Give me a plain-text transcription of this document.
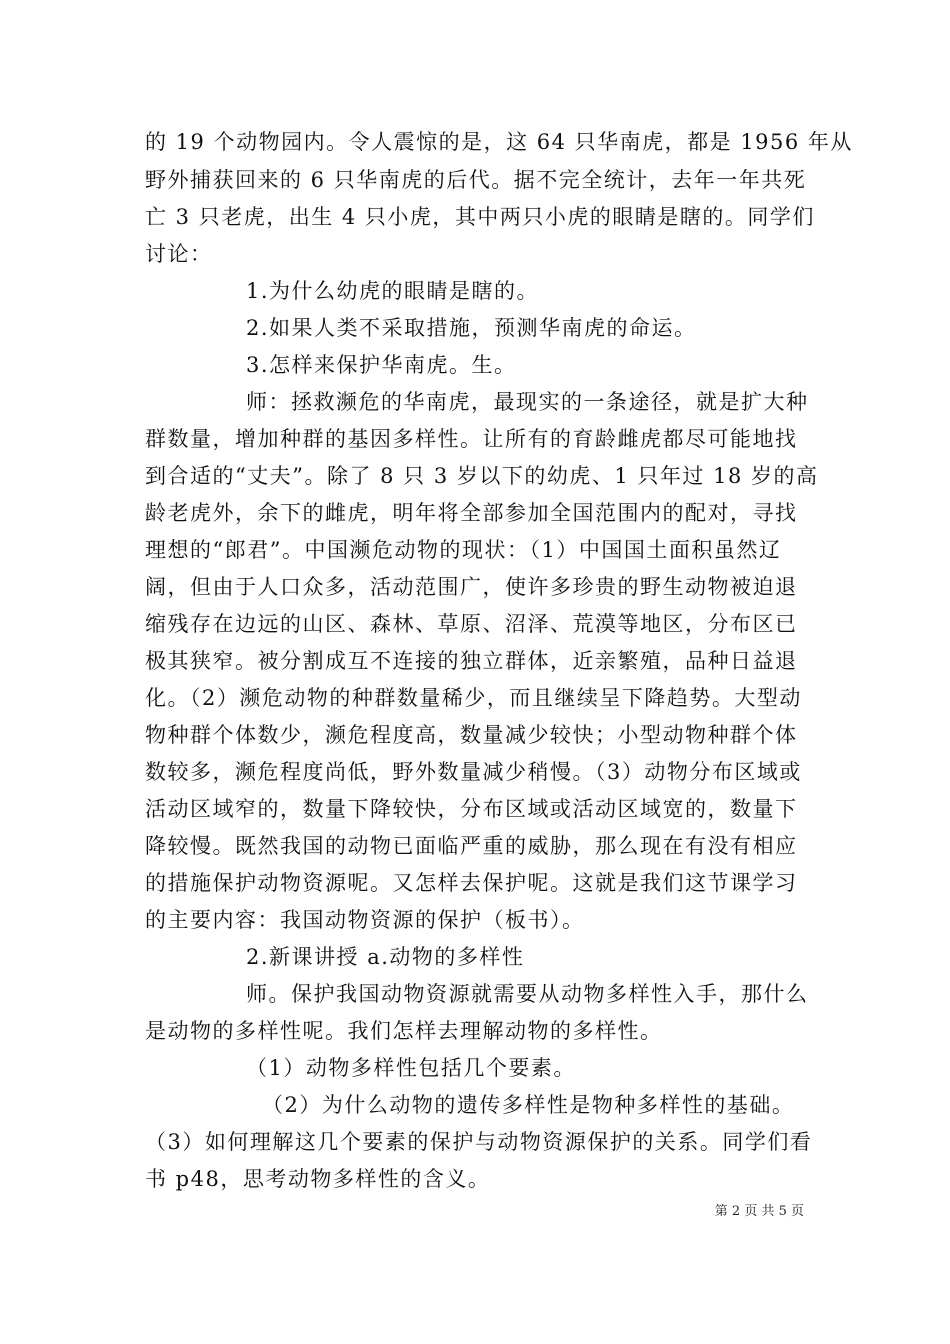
的 19 个动物园内。令人震惊的是，这 64 只华南虎，都是 1956 年从
野外捕获回来的 6 只华南虎的后代。据不完全统计，去年一年共死
亡 3 只老虎，出生 4 只小虎，其中两只小虎的眼睛是瞎的。同学们
讨论：
1.为什么幼虎的眼睛是瞎的。
2.如果人类不采取措施，预测华南虎的命运。
3.怎样来保护华南虎。生。
师：拯救濒危的华南虎，最现实的一条途径，就是扩大种
群数量，增加种群的基因多样性。让所有的育龄雌虎都尽可能地找
到合适的“丈夫”。除了 8 只 3 岁以下的幼虎、1 只年过 18 岁的高
龄老虎外，余下的雌虎，明年将全部参加全国范围内的配对，寻找
理想的“郎君”。中国濒危动物的现状：（1）中国国土面积虽然辽
阔，但由于人口众多，活动范围广，使许多珍贵的野生动物被迫退
缩残存在边远的山区、森林、草原、沼泽、荒漠等地区，分布区已
极其狭窄。被分割成互不连接的独立群体，近亲繁殖，品种日益退
化。（2）濒危动物的种群数量稀少，而且继续呈下降趋势。大型动
物种群个体数少，濒危程度高，数量减少较快；小型动物种群个体
数较多，濒危程度尚低，野外数量减少稍慢。（3）动物分布区域或
活动区域窄的，数量下降较快，分布区域或活动区域宽的，数量下
降较慢。既然我国的动物已面临严重的威胁，那么现在有没有相应
的措施保护动物资源呢。又怎样去保护呢。这就是我们这节课学习
的主要内容：我国动物资源的保护（板书）。
2.新课讲授 a.动物的多样性
师。保护我国动物资源就需要从动物多样性入手，那什么
是动物的多样性呢。我们怎样去理解动物的多样性。
（1）动物多样性包括几个要素。
（2）为什么动物的遗传多样性是物种多样性的基础。
（3）如何理解这几个要素的保护与动物资源保护的关系。同学们看
书 p48，思考动物多样性的含义。
第 2 页 共 5 页
